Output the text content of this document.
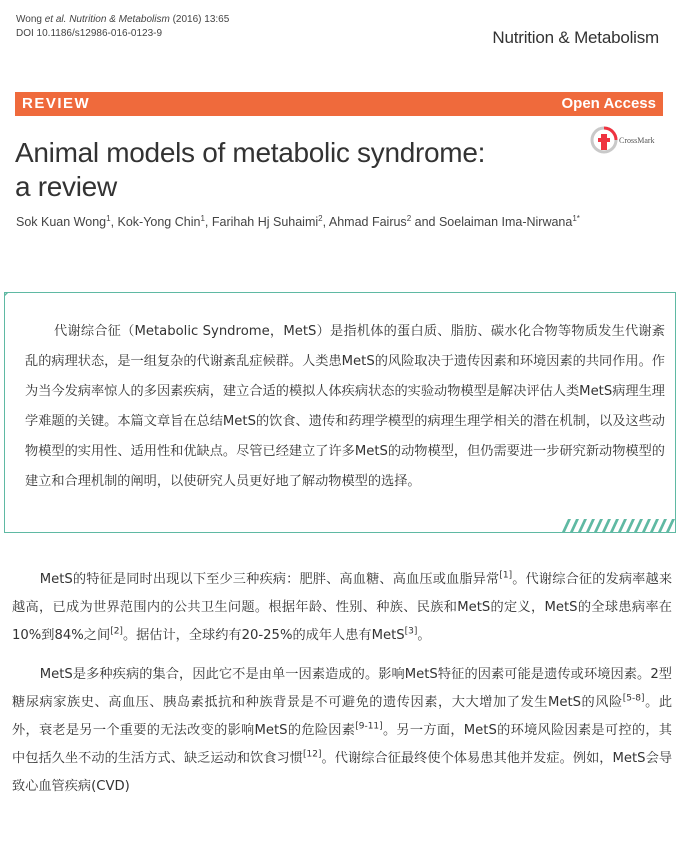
Wong et al. Nutrition & Metabolism (2016) 13:65
DOI 10.1186/s12986-016-0123-9	Nutrition & Metabolism
REVIEW	Open Access
CrossMark
Animal models of metabolic syndrome:
a review
Sok Kuan Wong$^1$, Kok-Yong Chin$^1$, Farihah Hj Suhaimi$^2$, Ahmad Fairus$^2$ and Soelaiman Ima-Nirwana$^{1*}$

代谢综合征（Metabolic Syndrome，MetS）是指机体的蛋白质、脂肪、碳水化合物等物质发生代谢紊乱的病理状态，是一组复杂的代谢紊乱症候群。人类患MetS的风险取决于遗传因素和环境因素的共同作用。作为当今发病率惊人的多因素疾病，建立合适的模拟人体疾病状态的实验动物模型是解决评估人类MetS病理生理学难题的关键。本篇文章旨在总结MetS的饮食、遗传和药理学模型的病理生理学相关的潜在机制，以及这些动物模型的实用性、适用性和优缺点。尽管已经建立了许多MetS的动物模型，但仍需要进一步研究新动物模型的建立和合理机制的阐明，以使研究人员更好地了解动物模型的选择。

MetS的特征是同时出现以下至少三种疾病：肥胖、高血糖、高血压或血脂异常[1]。代谢综合征的发病率越来越高，已成为世界范围内的公共卫生问题。根据年龄、性别、种族、民族和MetS的定义，MetS的全球患病率在10%到84%之间[2]。据估计，全球约有20-25%的成年人患有MetS[3]。

MetS是多种疾病的集合，因此它不是由单一因素造成的。影响MetS特征的因素可能是遗传或环境因素。2型糖尿病家族史、高血压、胰岛素抵抗和种族背景是不可避免的遗传因素，大大增加了发生MetS的风险[5-8]。此外，衰老是另一个重要的无法改变的影响MetS的危险因素[9-11]。另一方面，MetS的环境风险因素是可控的，其中包括久坐不动的生活方式、缺乏运动和饮食习惯[12]。代谢综合征最终使个体易患其他并发症。例如，MetS会导致心血管疾病(CVD)
